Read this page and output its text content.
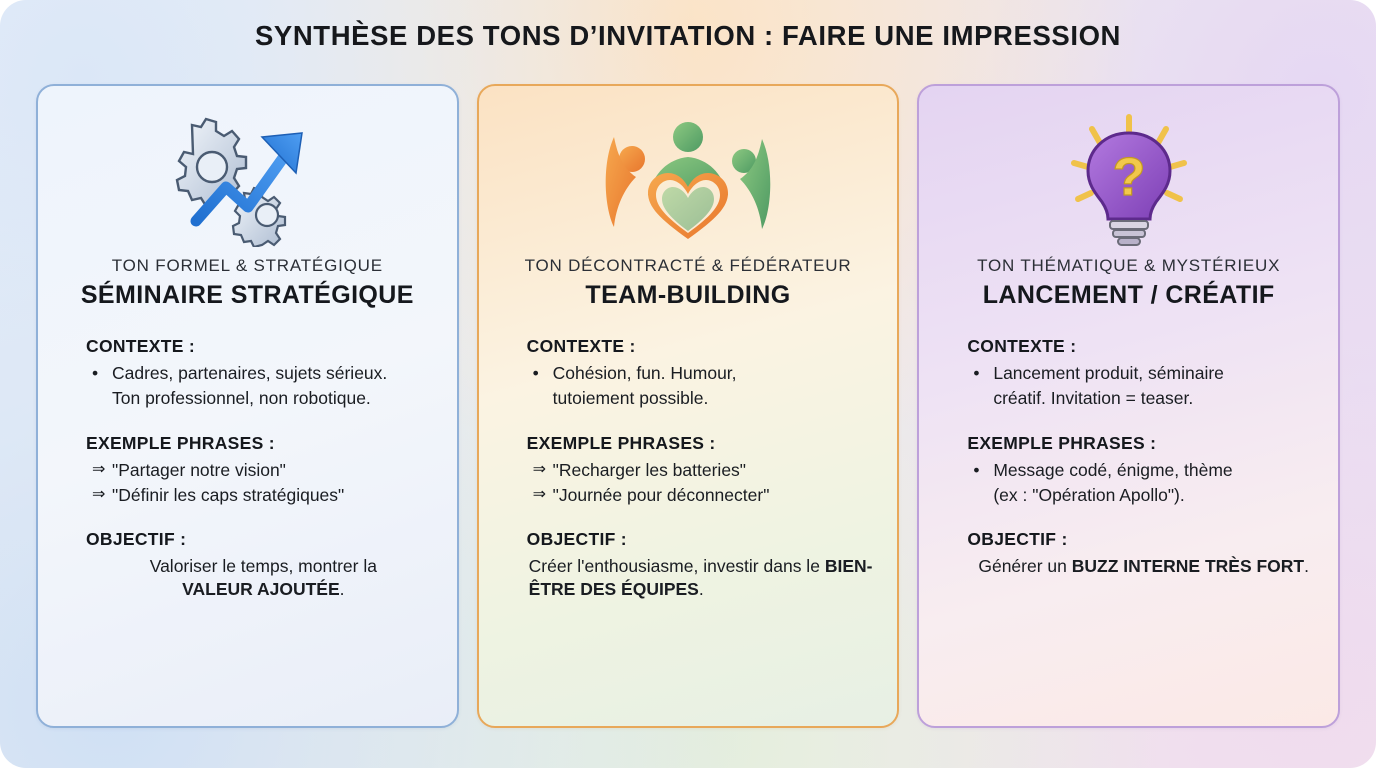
SYNTHÈSE DES TONS D’INVITATION : FAIRE UNE IMPRESSION
TON FORMEL & STRATÉGIQUE
SÉMINAIRE STRATÉGIQUE
CONTEXTE :
• Cadres, partenaires, sujets sérieux.
Ton professionnel, non robotique.
EXEMPLE PHRASES :
⇒ "Partager notre vision"
⇒ "Définir les caps stratégiques"
OBJECTIF :
Valoriser le temps, montrer la
VALEUR AJOUTÉE.
TON DÉCONTRACTÉ & FÉDÉRATEUR
TEAM-BUILDING
CONTEXTE :
• Cohésion, fun. Humour,
tutoiement possible.
EXEMPLE PHRASES :
⇒ "Recharger les batteries"
⇒ "Journée pour déconnecter"
OBJECTIF :
Créer l'enthousiasme, investir dans le BIEN-ÊTRE DES ÉQUIPES.
?
TON THÉMATIQUE & MYSTÉRIEUX
LANCEMENT / CRÉATIF
CONTEXTE :
• Lancement produit, séminaire
créatif. Invitation = teaser.
EXEMPLE PHRASES :
• Message codé, énigme, thème
(ex : "Opération Apollo").
OBJECTIF :
Générer un BUZZ INTERNE TRÈS FORT.
